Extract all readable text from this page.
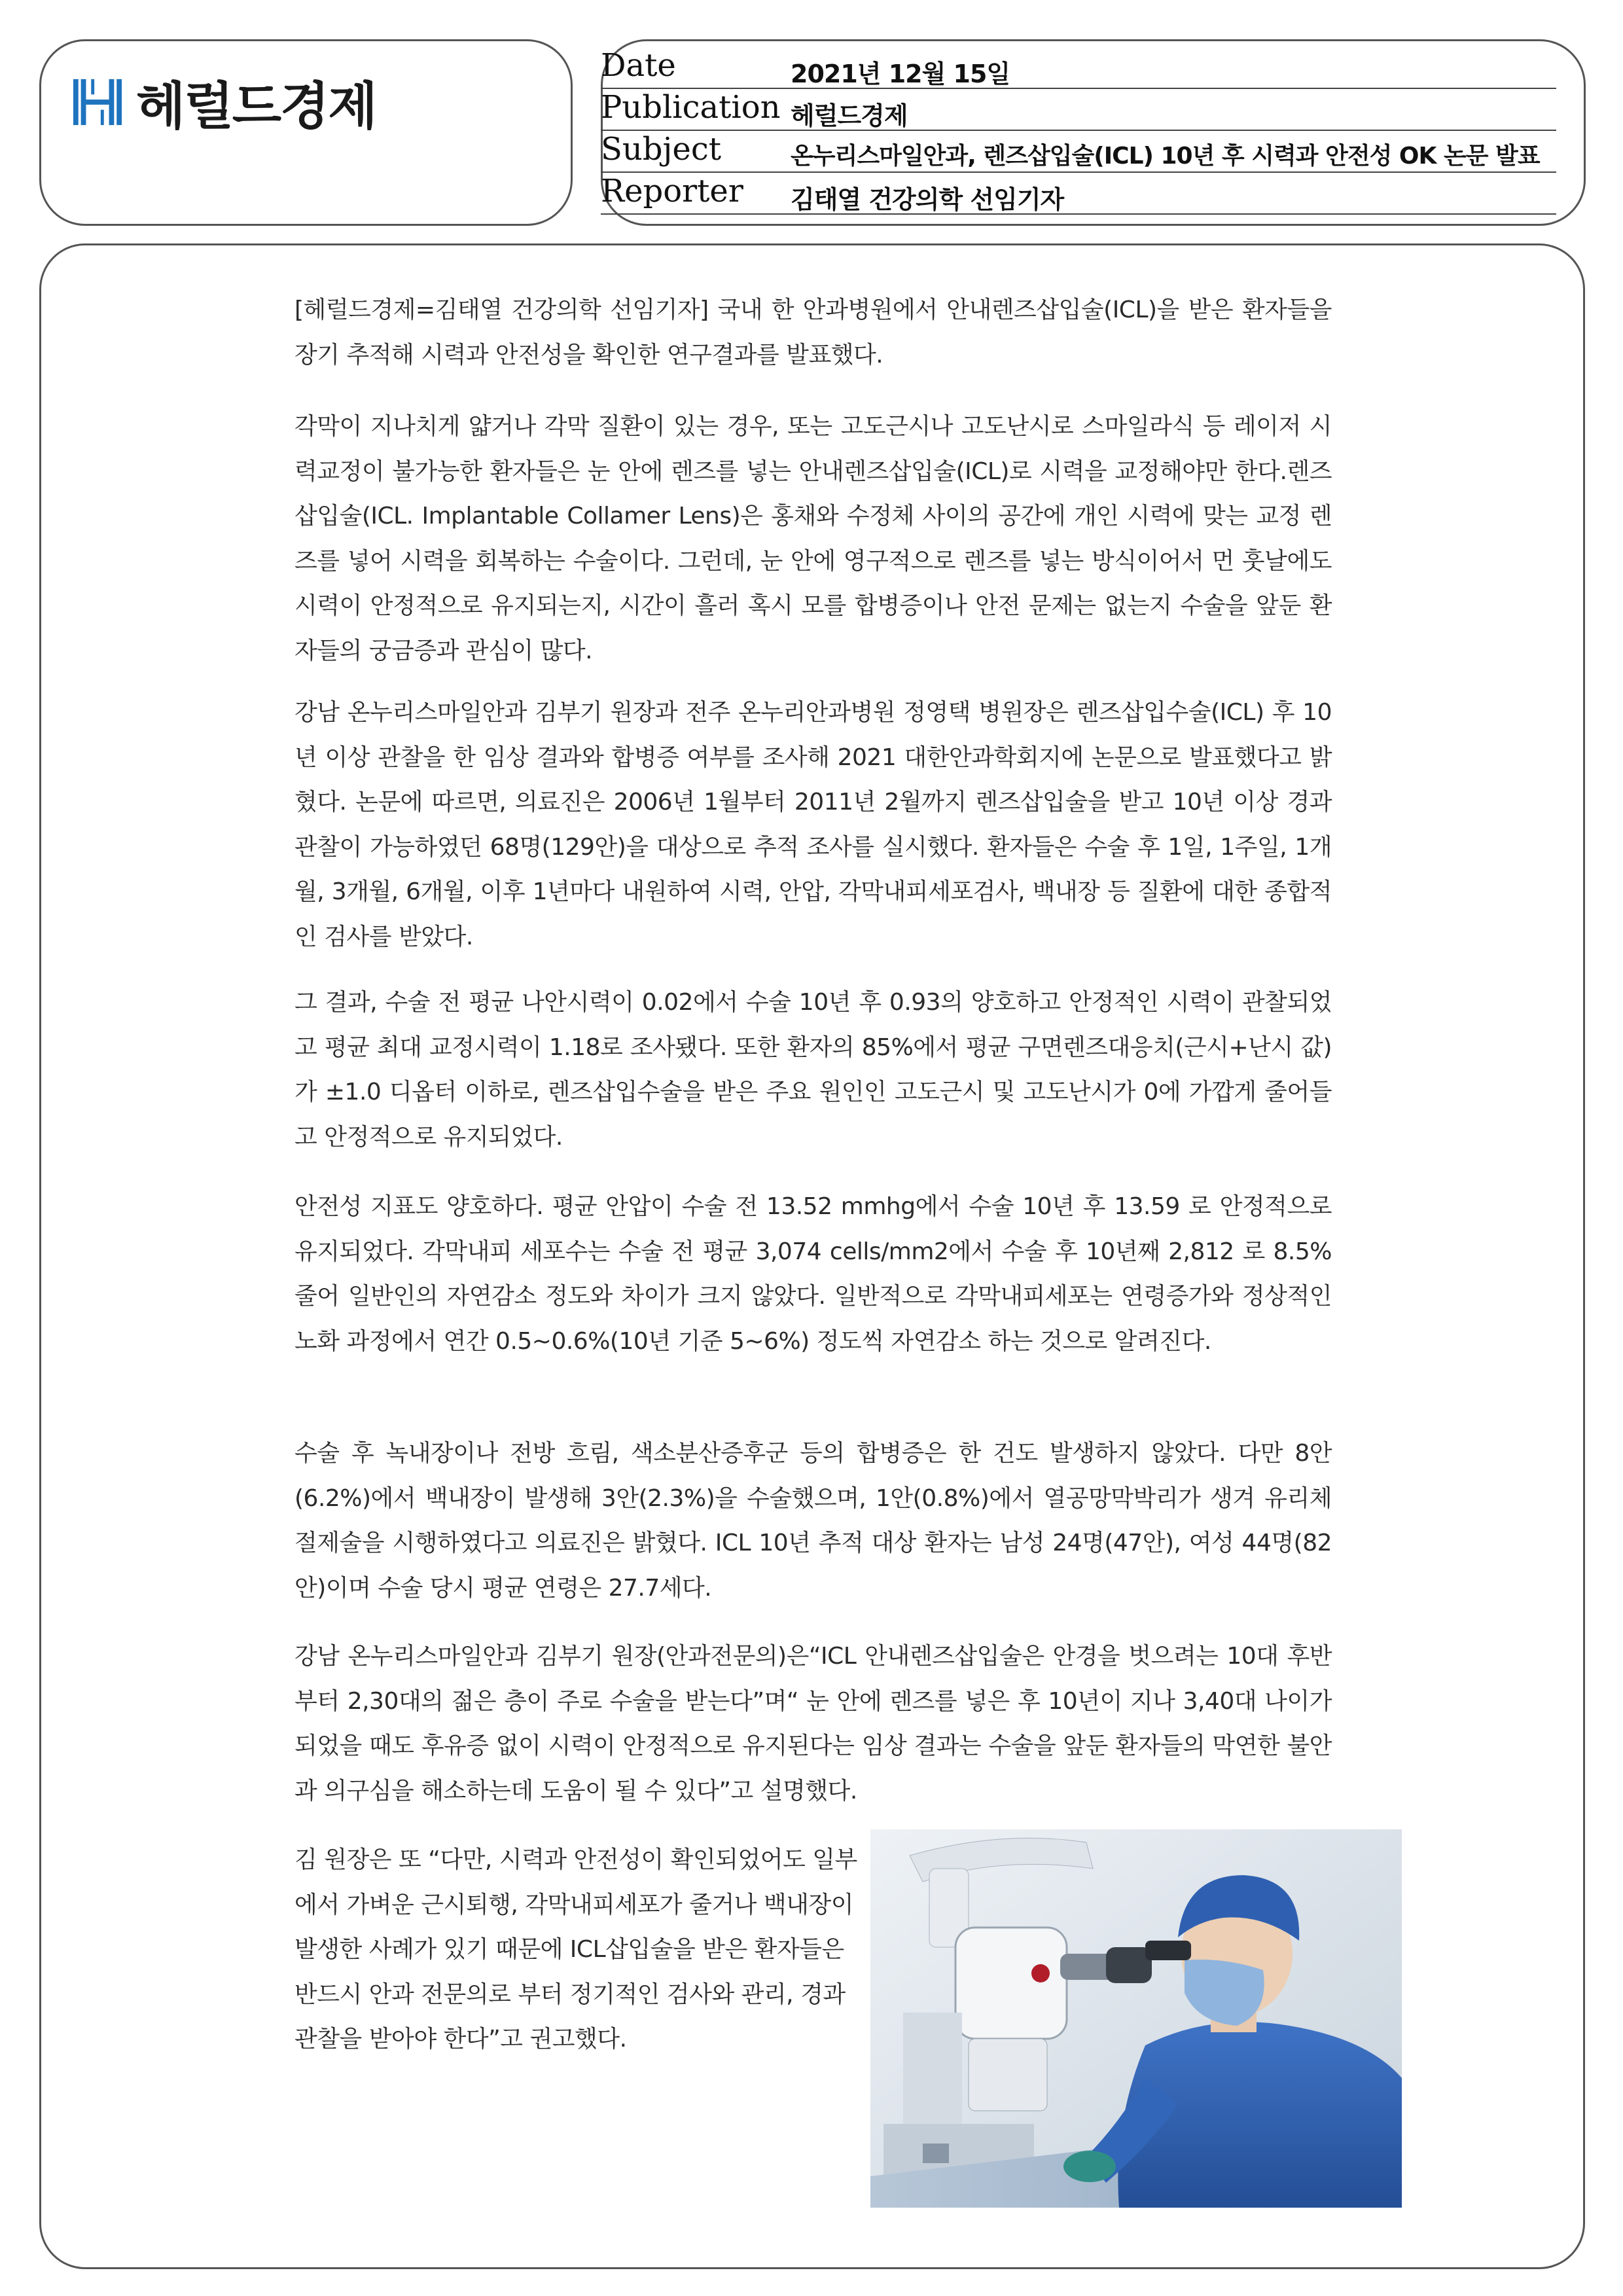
헤럴드경제
Date	2021년 12월 15일
Publication 헤럴드경제
Subject	온누리스마일안과, 렌즈삽입술(ICL) 10년 후 시력과 안전성 OK 논문 발표
Reporter	김태열 건강의학 선임기자

[헤럴드경제=김태열 건강의학 선임기자] 국내 한 안과병원에서 안내렌즈삽입술(ICL)을 받은 환자들을 장기 추적해 시력과 안전성을 확인한 연구결과를 발표했다.

각막이 지나치게 얇거나 각막 질환이 있는 경우, 또는 고도근시나 고도난시로 스마일라식 등 레이저 시력교정이 불가능한 환자들은 눈 안에 렌즈를 넣는 안내렌즈삽입술(ICL)로 시력을 교정해야만 한다.렌즈삽입술(ICL. Implantable Collamer Lens)은 홍채와 수정체 사이의 공간에 개인 시력에 맞는 교정 렌즈를 넣어 시력을 회복하는 수술이다. 그런데, 눈 안에 영구적으로 렌즈를 넣는 방식이어서 먼 훗날에도 시력이 안정적으로 유지되는지, 시간이 흘러 혹시 모를 합병증이나 안전 문제는 없는지 수술을 앞둔 환자들의 궁금증과 관심이 많다.

강남 온누리스마일안과 김부기 원장과 전주 온누리안과병원 정영택 병원장은 렌즈삽입수술(ICL) 후 10년 이상 관찰을 한 임상 결과와 합병증 여부를 조사해 2021 대한안과학회지에 논문으로 발표했다고 밝혔다. 논문에 따르면, 의료진은 2006년 1월부터 2011년 2월까지 렌즈삽입술을 받고 10년 이상 경과 관찰이 가능하였던 68명(129안)을 대상으로 추적 조사를 실시했다. 환자들은 수술 후 1일, 1주일, 1개월, 3개월, 6개월, 이후 1년마다 내원하여 시력, 안압, 각막내피세포검사, 백내장 등 질환에 대한 종합적인 검사를 받았다.

그 결과, 수술 전 평균 나안시력이 0.02에서 수술 10년 후 0.93의 양호하고 안정적인 시력이 관찰되었고 평균 최대 교정시력이 1.18로 조사됐다. 또한 환자의 85%에서 평균 구면렌즈대응치(근시+난시 값)가 ±1.0 디옵터 이하로, 렌즈삽입수술을 받은 주요 원인인 고도근시 및 고도난시가 0에 가깝게 줄어들고 안정적으로 유지되었다.

안전성 지표도 양호하다. 평균 안압이 수술 전 13.52 mmhg에서 수술 10년 후 13.59 로 안정적으로 유지되었다. 각막내피 세포수는 수술 전 평균 3,074 cells/mm2에서 수술 후 10년째 2,812 로 8.5% 줄어 일반인의 자연감소 정도와 차이가 크지 않았다. 일반적으로 각막내피세포는 연령증가와 정상적인 노화 과정에서 연간 0.5~0.6%(10년 기준 5~6%) 정도씩 자연감소 하는 것으로 알려진다.

수술 후 녹내장이나 전방 흐림, 색소분산증후군 등의 합병증은 한 건도 발생하지 않았다. 다만 8안(6.2%)에서 백내장이 발생해 3안(2.3%)을 수술했으며, 1안(0.8%)에서 열공망막박리가 생겨 유리체절제술을 시행하였다고 의료진은 밝혔다. ICL 10년 추적 대상 환자는 남성 24명(47안), 여성 44명(82안)이며 수술 당시 평균 연령은 27.7세다.

강남 온누리스마일안과 김부기 원장(안과전문의)은“ICL 안내렌즈삽입술은 안경을 벗으려는 10대 후반부터 2,30대의 젊은 층이 주로 수술을 받는다”며“ 눈 안에 렌즈를 넣은 후 10년이 지나 3,40대 나이가 되었을 때도 후유증 없이 시력이 안정적으로 유지된다는 임상 결과는 수술을 앞둔 환자들의 막연한 불안과 의구심을 해소하는데 도움이 될 수 있다”고 설명했다.

김 원장은 또 “다만, 시력과 안전성이 확인되었어도 일부에서 가벼운 근시퇴행, 각막내피세포가 줄거나 백내장이 발생한 사례가 있기 때문에 ICL삽입술을 받은 환자들은 반드시 안과 전문의로 부터 정기적인 검사와 관리, 경과 관찰을 받아야 한다”고 권고했다.
